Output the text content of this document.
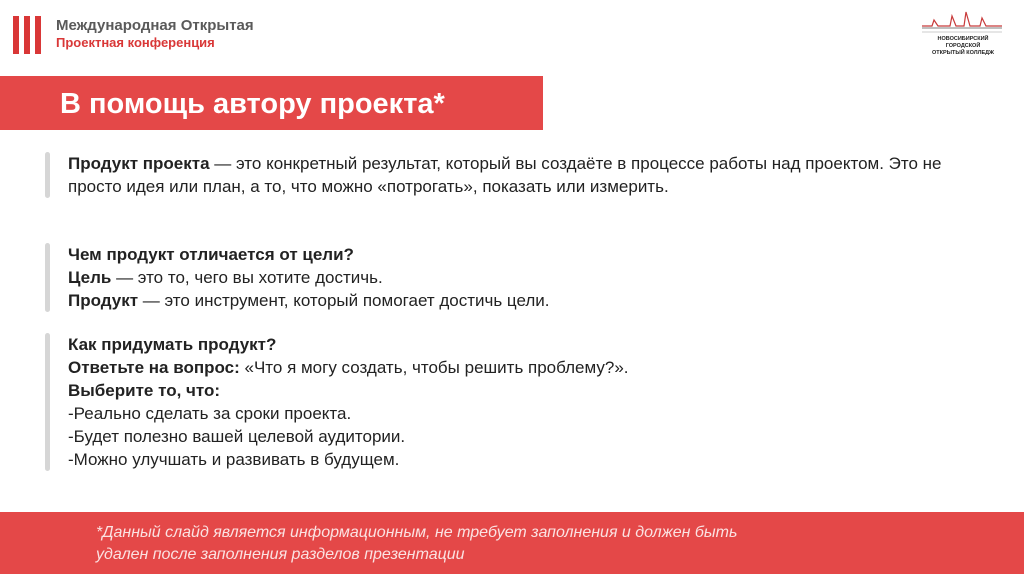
Международная Открытая
Проектная конференция	НОВОСИБИРСКИЙ ГОРОДСКОЙ
ОТКРЫТЫЙ КОЛЛЕДЖ
В помощь автору проекта*
Продукт проекта — это конкретный результат, который вы создаёте в процессе работы над проектом. Это не просто идея или план, а то, что можно «потрогать», показать или измерить.
Чем продукт отличается от цели?
Цель — это то, чего вы хотите достичь.
Продукт — это инструмент, который помогает достичь цели.
Как придумать продукт?
Ответьте на вопрос: «Что я могу создать, чтобы решить проблему?».
Выберите то, что:
-Реально сделать за сроки проекта.
-Будет полезно вашей целевой аудитории.
-Можно улучшать и развивать в будущем.
*Данный слайд является информационным, не требует заполнения и должен быть
удален после заполнения разделов презентации
